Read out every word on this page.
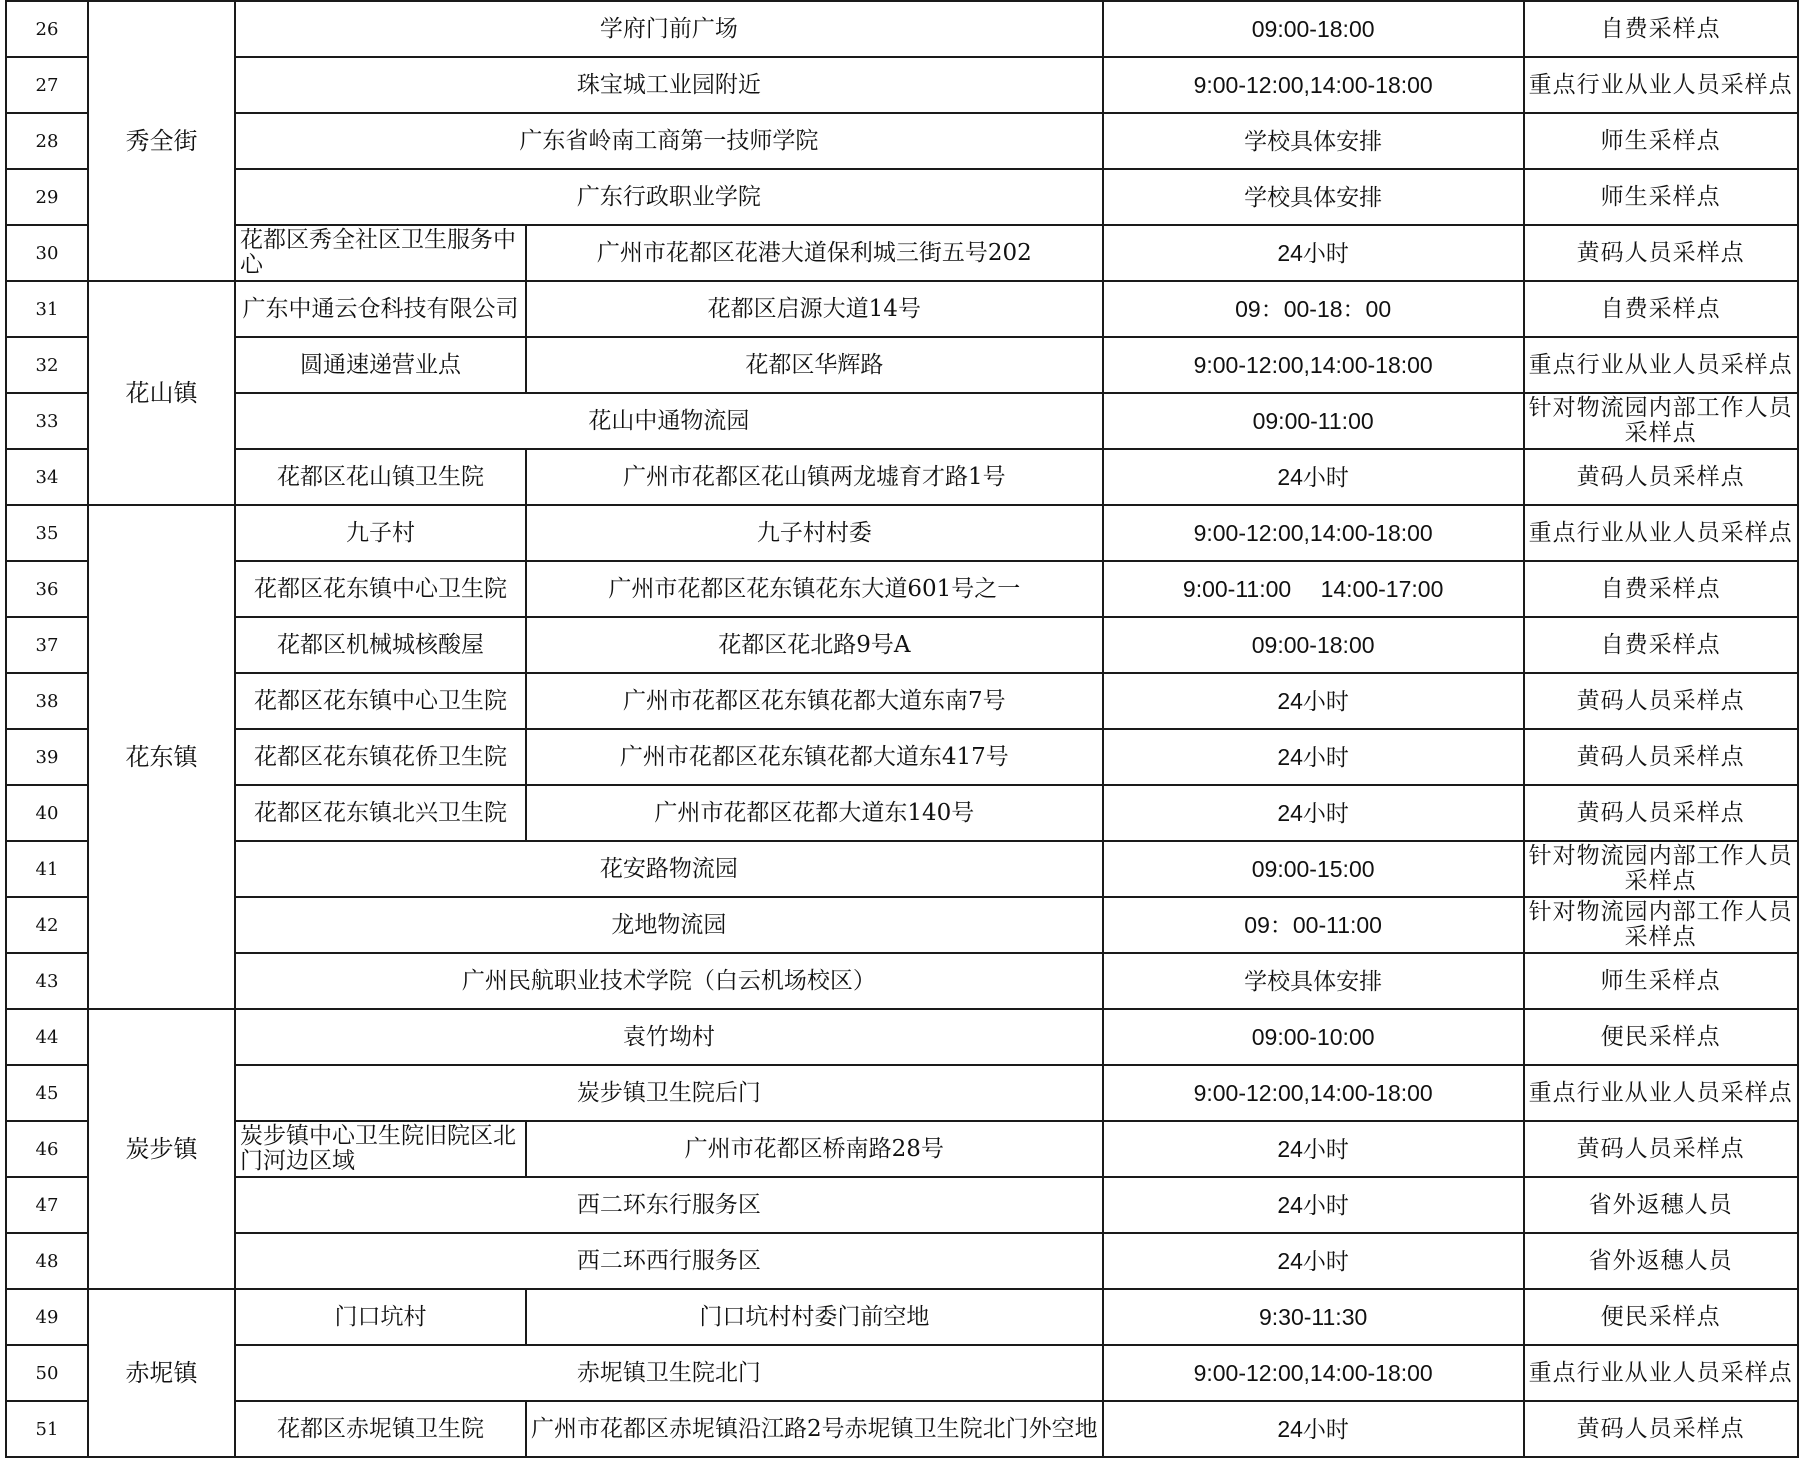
26	秀全街	学府门前广场		09:00-18:00	自费采样点
27		珠宝城工业园附近		9:00-12:00,14:00-18:00	重点行业从业人员采样点
28		广东省岭南工商第一技师学院		学校具体安排	师生采样点
29		广东行政职业学院		学校具体安排	师生采样点
30		花都区秀全社区卫生服务中心	广州市花都区花港大道保利城三街五号202	24小时	黄码人员采样点
31	花山镇	广东中通云仓科技有限公司	花都区启源大道14号	09：00-18：00	自费采样点
32		圆通速递营业点	花都区华辉路	9:00-12:00,14:00-18:00	重点行业从业人员采样点
33		花山中通物流园		09:00-11:00	针对物流园内部工作人员采样点
34		花都区花山镇卫生院	广州市花都区花山镇两龙墟育才路1号	24小时	黄码人员采样点
35	花东镇	九子村	九子村村委	9:00-12:00,14:00-18:00	重点行业从业人员采样点
36		花都区花东镇中心卫生院	广州市花都区花东镇花东大道601号之一	9:00-11:00　 14:00-17:00	自费采样点
37		花都区机械城核酸屋	花都区花北路9号A	09:00-18:00	自费采样点
38		花都区花东镇中心卫生院	广州市花都区花东镇花都大道东南7号	24小时	黄码人员采样点
39		花都区花东镇花侨卫生院	广州市花都区花东镇花都大道东417号	24小时	黄码人员采样点
40		花都区花东镇北兴卫生院	广州市花都区花都大道东140号	24小时	黄码人员采样点
41		花安路物流园		09:00-15:00	针对物流园内部工作人员采样点
42		龙地物流园		09：00-11:00	针对物流园内部工作人员采样点
43		广州民航职业技术学院（白云机场校区）		学校具体安排	师生采样点
44	炭步镇	袁竹坳村		09:00-10:00	便民采样点
45		炭步镇卫生院后门		9:00-12:00,14:00-18:00	重点行业从业人员采样点
46		炭步镇中心卫生院旧院区北门河边区域	广州市花都区桥南路28号	24小时	黄码人员采样点
47		西二环东行服务区		24小时	省外返穗人员
48		西二环西行服务区		24小时	省外返穗人员
49	赤坭镇	门口坑村	门口坑村村委门前空地	9:30-11:30	便民采样点
50		赤坭镇卫生院北门		9:00-12:00,14:00-18:00	重点行业从业人员采样点
51		花都区赤坭镇卫生院	广州市花都区赤坭镇沿江路2号赤坭镇卫生院北门外空地	24小时	黄码人员采样点
